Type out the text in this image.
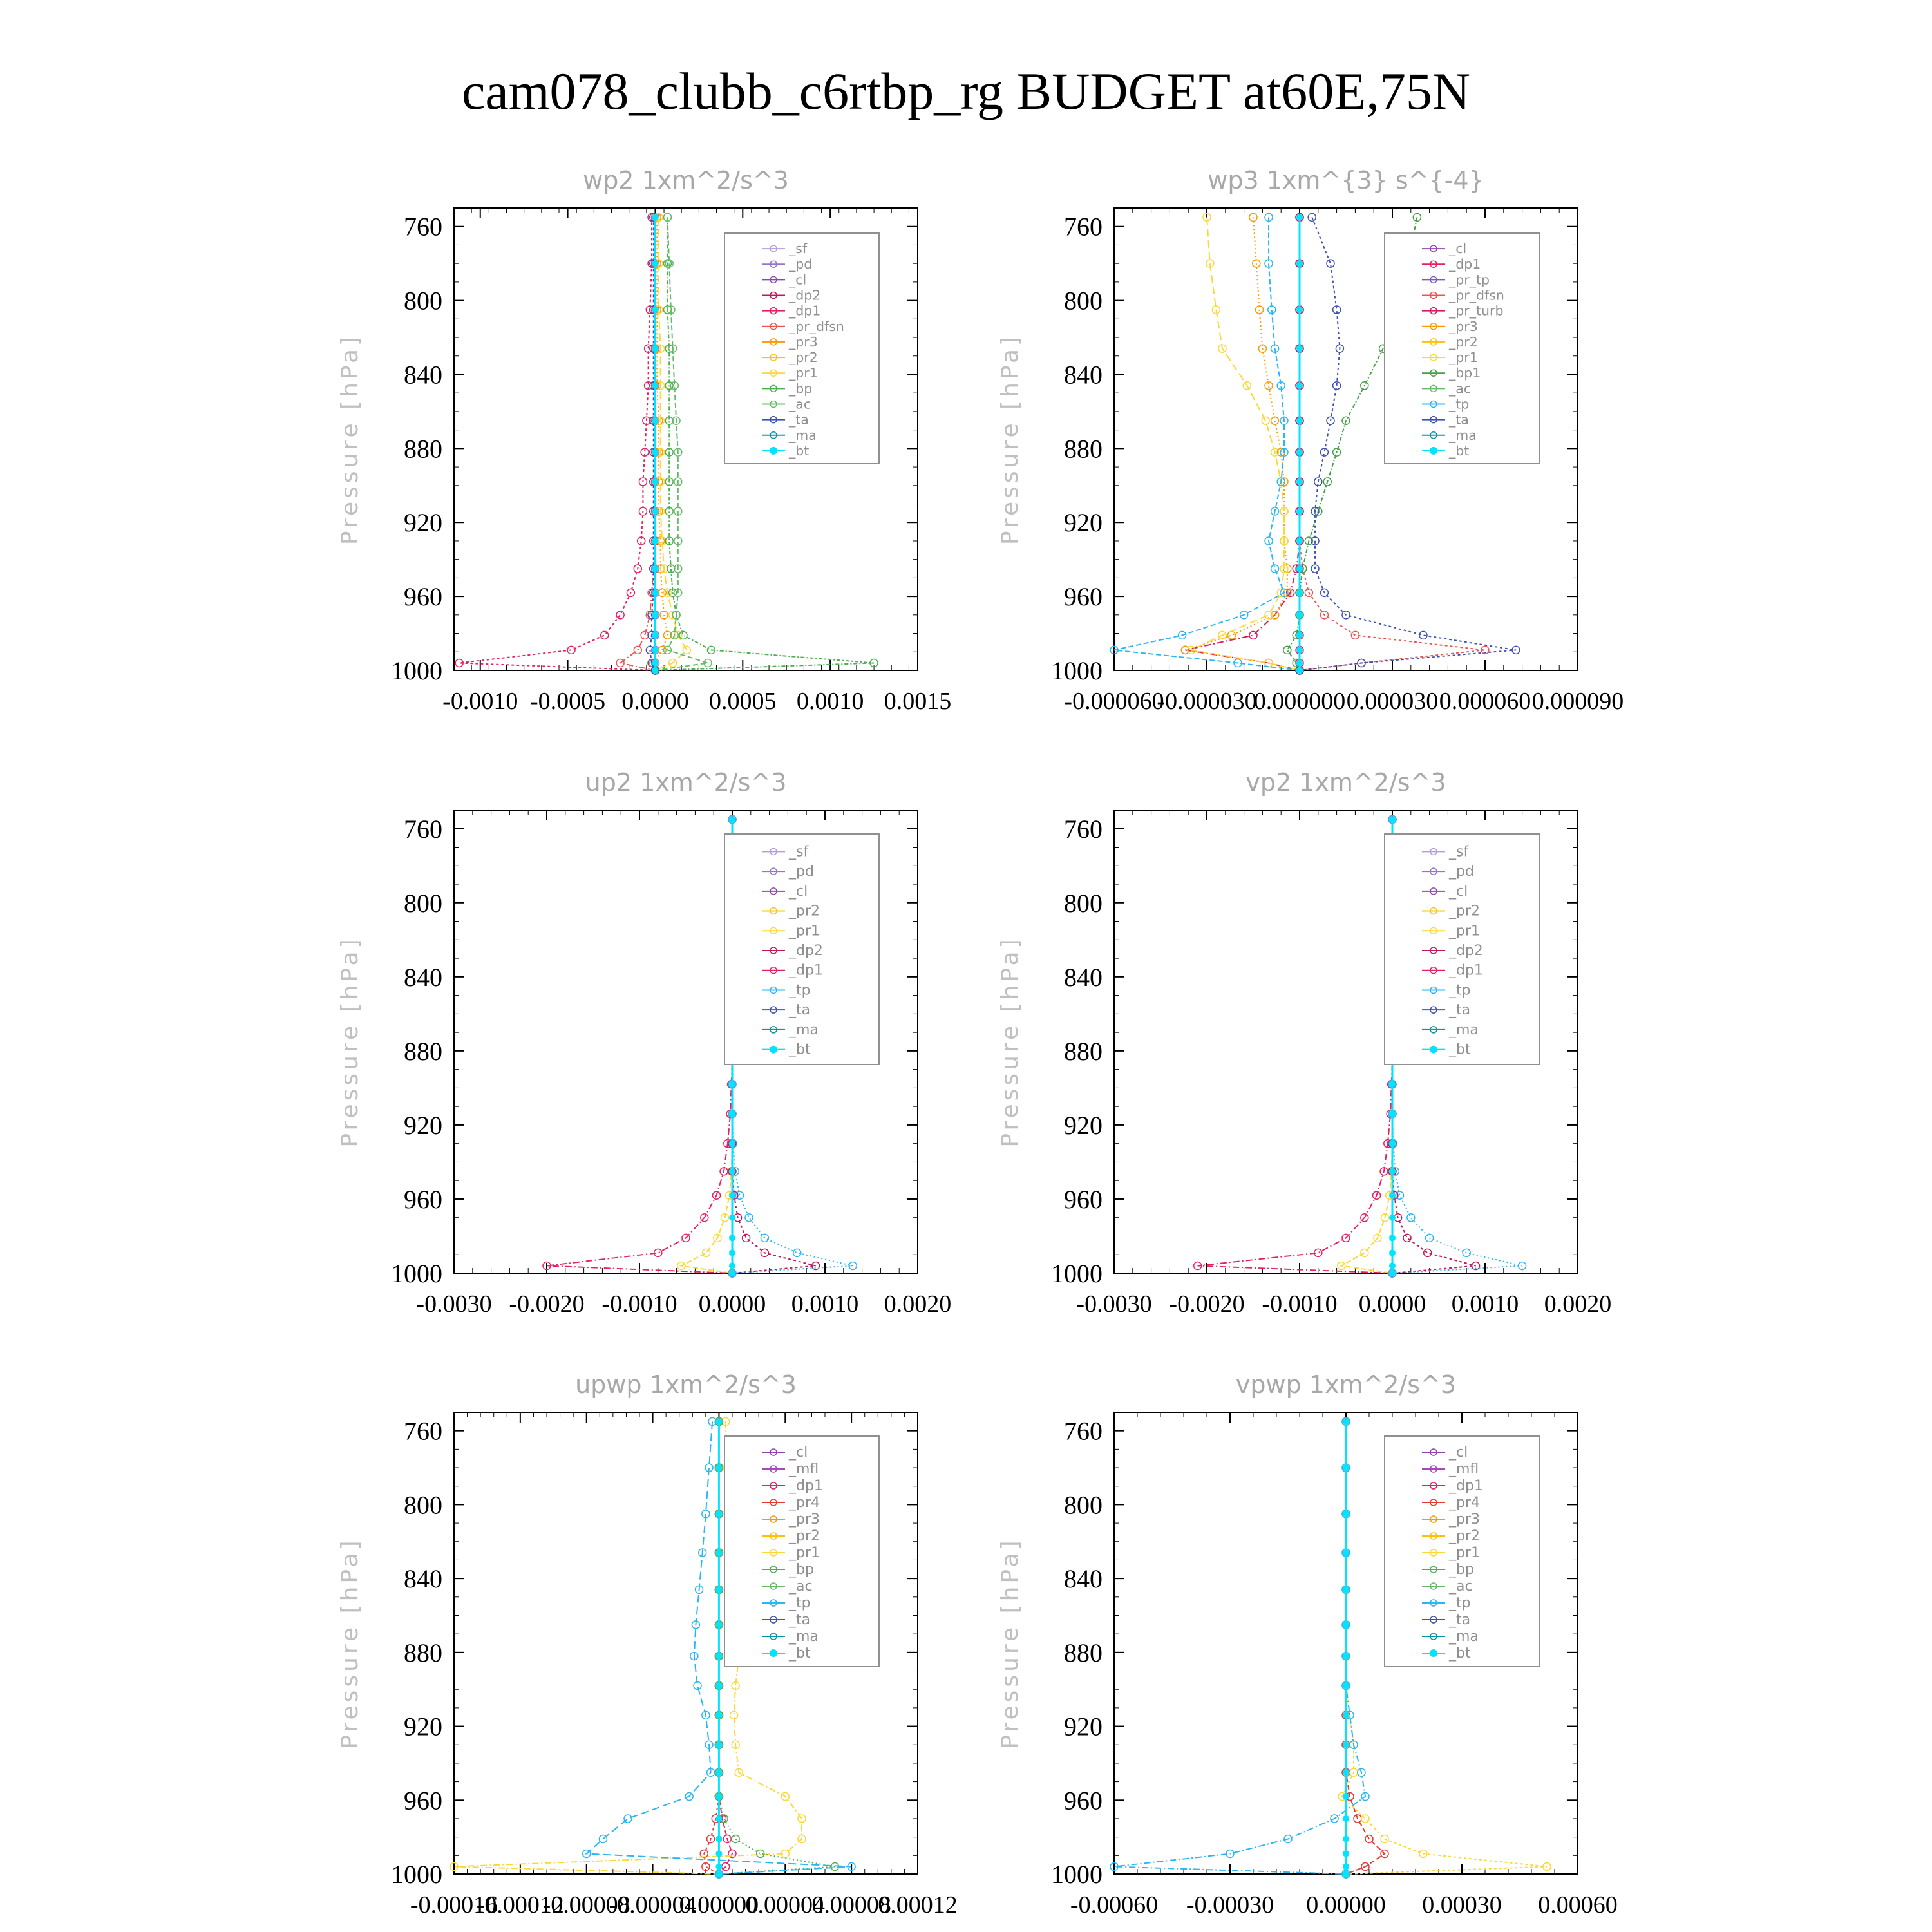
cam078_clubb_c6rtbp_rg BUDGET at60E,75N
wp2 1xm^2/s^3
Pressure [hPa]
760
800
840
880
920
960
1000
-0.0010 -0.0005 0.0000 0.0005 0.0010 0.0015
_sf
_pd
_cl
_dp2
_dp1
_pr_dfsn
_pr3
_pr2
_pr1
_bp
_ac
_ta
_ma
_bt
wp3 1xm^{3} s^{-4}
Pressure [hPa]
760
800
840
880
920
960
1000
-0.000060
-0.000030
0.000000 0.000030 0.000060 0.000090
_cl
_dp1
_pr_tp
_pr_dfsn
_pr_turb
_pr3
_pr2
_pr1
_bp1
_ac
_tp
_ta
_ma
_bt
up2 1xm^2/s^3
Pressure [hPa]
760
800
840
880
920
960
1000
-0.0030 -0.0020 -0.0010 0.0000 0.0010 0.0020
_sf
_pd
_cl
_pr2
_pr1
_dp2
_dp1
_tp
_ta
_ma
_bt
vp2 1xm^2/s^3
Pressure [hPa]
760
800
840
880
920
960
1000
-0.0030 -0.0020 -0.0010 0.0000 0.0010 0.0020
_sf
_pd
_cl
_pr2
_pr1
_dp2
_dp1
_tp
_ta
_ma
_bt
upwp 1xm^2/s^3
Pressure [hPa]
760
800
840
880
920
960
1000
-0.00016
-0.00012
-0.00008
-0.00004
0.00000
0.00004
0.00008
0.00012
_cl
_mfl
_dp1
_pr4
_pr3
_pr2
_pr1
_bp
_ac
_tp
_ta
_ma
_bt
vpwp 1xm^2/s^3
Pressure [hPa]
760
800
840
880
920
960
1000
-0.00060 -0.00030 0.00000 0.00030 0.00060
_cl
_mfl
_dp1
_pr4
_pr3
_pr2
_pr1
_bp
_ac
_tp
_ta
_ma
_bt
